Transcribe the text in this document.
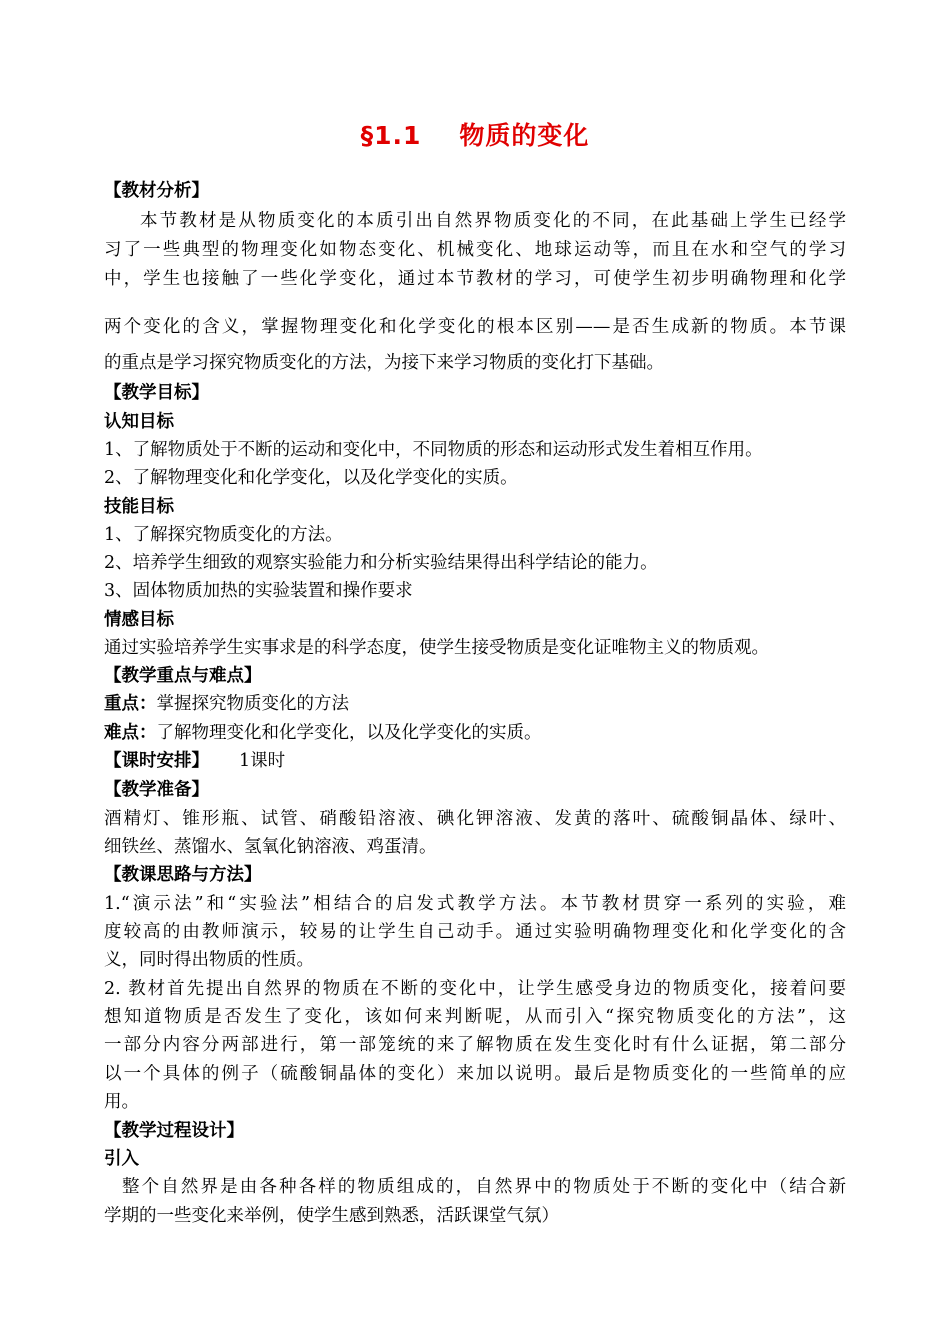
§1.1 物质的变化
【教材分析】
本节教材是从物质变化的本质引出自然界物质变化的不同，在此基础上学生已经学
习了一些典型的物理变化如物态变化、机械变化、地球运动等，而且在水和空气的学习
中，学生也接触了一些化学变化，通过本节教材的学习，可使学生初步明确物理和化学
两个变化的含义，掌握物理变化和化学变化的根本区别——是否生成新的物质。本节课
的重点是学习探究物质变化的方法，为接下来学习物质的变化打下基础。
【教学目标】
认知目标
1、了解物质处于不断的运动和变化中，不同物质的形态和运动形式发生着相互作用。
2、了解物理变化和化学变化，以及化学变化的实质。
技能目标
1、了解探究物质变化的方法。
2、培养学生细致的观察实验能力和分析实验结果得出科学结论的能力。
3、固体物质加热的实验装置和操作要求
情感目标
通过实验培养学生实事求是的科学态度，使学生接受物质是变化证唯物主义的物质观。
【教学重点与难点】
重点：掌握探究物质变化的方法
难点：了解物理变化和化学变化，以及化学变化的实质。
【课时安排】 1课时
【教学准备】
酒精灯、锥形瓶、试管、硝酸铅溶液、碘化钾溶液、发黄的落叶、硫酸铜晶体、绿叶、
细铁丝、蒸馏水、氢氧化钠溶液、鸡蛋清。
【教课思路与方法】
1.“演示法”和“实验法”相结合的启发式教学方法。本节教材贯穿一系列的实验，难
度较高的由教师演示，较易的让学生自己动手。通过实验明确物理变化和化学变化的含
义，同时得出物质的性质。
2. 教材首先提出自然界的物质在不断的变化中，让学生感受身边的物质变化，接着问要
想知道物质是否发生了变化，该如何来判断呢，从而引入“探究物质变化的方法”，这
一部分内容分两部进行，第一部笼统的来了解物质在发生变化时有什么证据，第二部分
以一个具体的例子（硫酸铜晶体的变化）来加以说明。最后是物质变化的一些简单的应
用。
【教学过程设计】
引入
整个自然界是由各种各样的物质组成的，自然界中的物质处于不断的变化中（结合新
学期的一些变化来举例，使学生感到熟悉，活跃课堂气氛）
